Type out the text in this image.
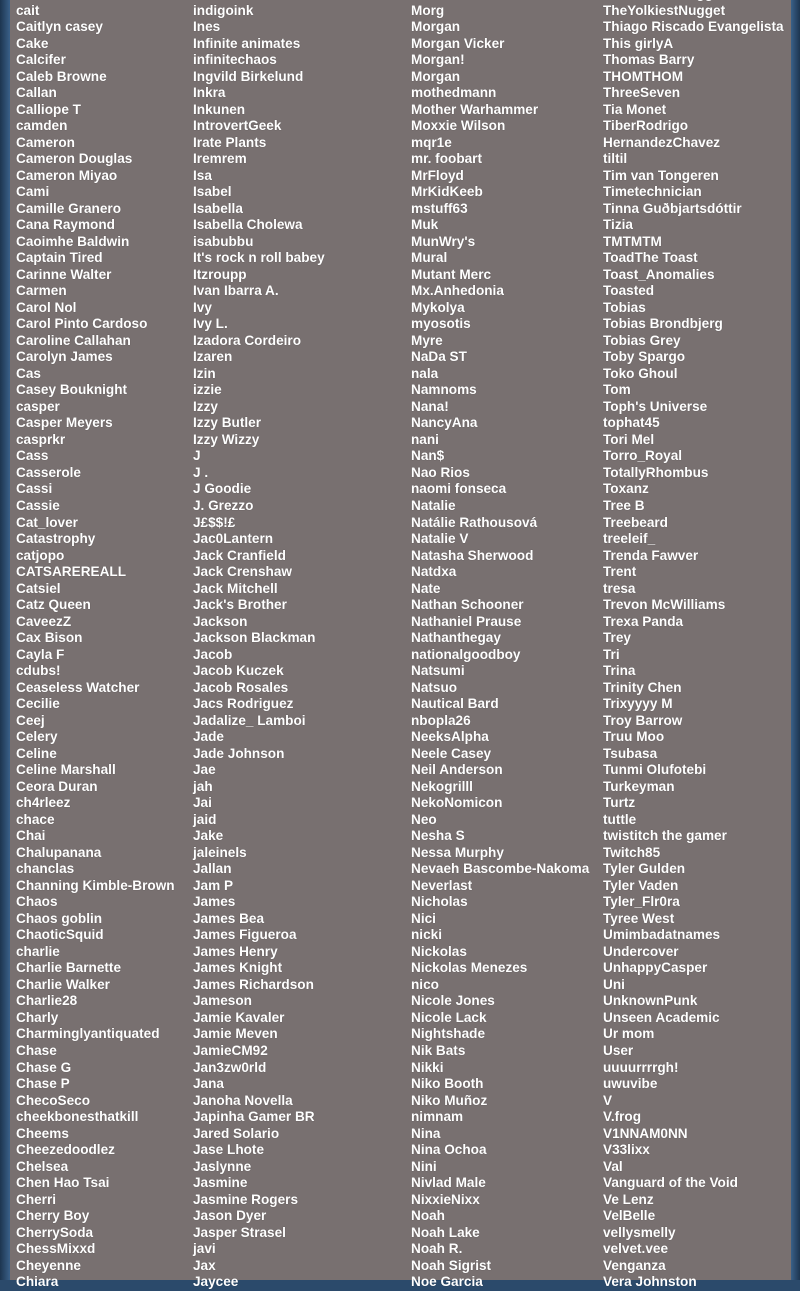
cait
Caitlyn casey
Cake
Calcifer
Caleb Browne
Callan
Calliope T
camden
Cameron
Cameron Douglas
Cameron Miyao
Cami
Camille Granero
Cana Raymond
Caoimhe Baldwin
Captain Tired
Carinne Walter
Carmen
Carol Nol
Carol Pinto Cardoso
Caroline Callahan
Carolyn James
Cas
Casey Bouknight
casper
Casper Meyers
casprkr
Cass
Casserole
Cassi
Cassie
Cat_lover
Catastrophy
catjopo
CATSAREREALL
Catsiel
Catz Queen
CaveezZ
Cax Bison
Cayla F
cdubs!
Ceaseless Watcher
Cecilie
Ceej
Celery
Celine
Celine Marshall
Ceora Duran
ch4rleez
chace
Chai
Chalupanana
chanclas
Channing Kimble-Brown
Chaos
Chaos goblin
ChaoticSquid
charlie
Charlie Barnette
Charlie Walker
Charlie28
Charly
Charminglyantiquated
Chase
Chase G
Chase P
ChecoSeco
cheekbonesthatkill
Cheems
Cheezedoodlez
Chelsea
Chen Hao Tsai
Cherri
Cherry Boy
CherrySoda
ChessMixxd
Cheyenne
Chiara
indigoink
Ines
Infinite animates
infinitechaos
Ingvild Birkelund
Inkra
Inkunen
IntrovertGeek
Irate Plants
Iremrem
Isa
Isabel
Isabella
Isabella Cholewa
isabubbu
It's rock n roll babey
Itzroupp
Ivan Ibarra A.
Ivy
Ivy L.
Izadora Cordeiro
Izaren
Izin
izzie
Izzy
Izzy Butler
Izzy Wizzy
J
J .
J Goodie
J. Grezzo
J£$$!£
Jac0Lantern
Jack Cranfield
Jack Crenshaw
Jack Mitchell
Jack's Brother
Jackson
Jackson Blackman
Jacob
Jacob Kuczek
Jacob Rosales
Jacs Rodriguez
Jadalize_ Lamboi
Jade
Jade Johnson
Jae
jah
Jai
jaid
Jake
jaleinels
Jallan
Jam P
James
James Bea
James Figueroa
James Henry
James Knight
James Richardson
Jameson
Jamie Kavaler
Jamie Meven
JamieCM92
Jan3zw0rld
Jana
Janoha Novella
Japinha Gamer BR
Jared Solario
Jase Lhote
Jaslynne
Jasmine
Jasmine Rogers
Jason Dyer
Jasper Strasel
javi
Jax
Jaycee
Morg
Morgan
Morgan Vicker
Morgan!
Morgan
mothedmann
Mother Warhammer
Moxxie Wilson
mqr1e
mr. foobart
MrFloyd
MrKidKeeb
mstuff63
Muk
MunWry's
Mural
Mutant Merc
Mx.Anhedonia
Mykolya
myosotis
Myre
NaDa ST
nala
Namnoms
Nana!
NancyAna
nani
Nan$
Nao Rios
naomi fonseca
Natalie
Natálie Rathousová
Natalie V
Natasha Sherwood
Natdxa
Nate
Nathan Schooner
Nathaniel Prause
Nathanthegay
nationalgoodboy
Natsumi
Natsuo
Nautical Bard
nbopla26
NeeksAlpha
Neele Casey
Neil Anderson
Nekogrilll
NekoNomicon
Neo
Nesha S
Nessa Murphy
Nevaeh Bascombe-Nakoma
Neverlast
Nicholas
Nici
nicki
Nickolas
Nickolas Menezes
nico
Nicole Jones
Nicole Lack
Nightshade
Nik Bats
Nikki
Niko Booth
Niko Muñoz
nimnam
Nina
Nina Ochoa
Nini
Nivlad Male
NixxieNixx
Noah
Noah Lake
Noah R.
Noah Sigrist
Noe Garcia
TheYolkiestNugget
Thiago Riscado Evangelista
This girlyA
Thomas Barry
THOMTHOM
ThreeSeven
Tia Monet
TiberRodrigo
HernandezChavez
tiltil
Tim van Tongeren
Timetechnician
Tinna Guðbjartsdóttir
Tizia
TMTMTM
ToadThe Toast
Toast_Anomalies
Toasted
Tobias
Tobias Brondbjerg
Tobias Grey
Toby Spargo
Toko Ghoul
Tom
Toph's Universe
tophat45
Tori Mel
Torro_Royal
TotallyRhombus
Toxanz
Tree B
Treebeard
treeleif_
Trenda Fawver
Trent
tresa
Trevon McWilliams
Trexa Panda
Trey
Tri
Trina
Trinity Chen
Trixyyyy M
Troy Barrow
Truu Moo
Tsubasa
Tunmi Olufotebi
Turkeyman
Turtz
tuttle
twistitch the gamer
Twitch85
Tyler Gulden
Tyler Vaden
Tyler_Flr0ra
Tyree West
Umimbadatnames
Undercover
UnhappyCasper
Uni
UnknownPunk
Unseen Academic
Ur mom
User
uuuurrrrgh!
uwuvibe
V
V.frog
V1NNAM0NN
V33lixx
Val
Vanguard of the Void
Ve Lenz
VelBelle
vellysmelly
velvet.vee
Venganza
Vera Johnston
